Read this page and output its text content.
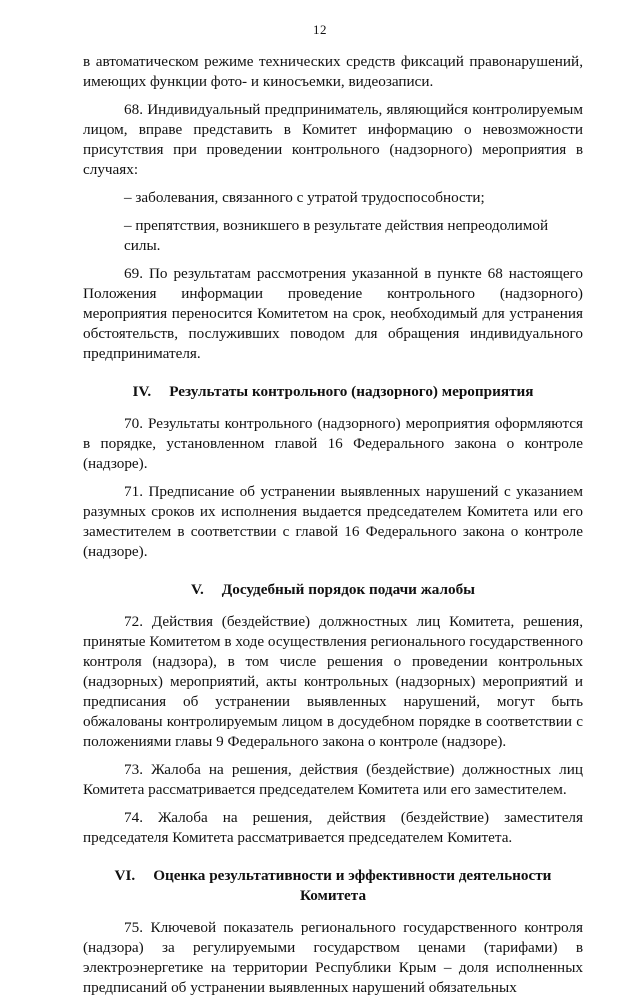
12

в автоматическом режиме технических средств фиксаций правонарушений, имеющих функции фото- и киносъемки, видеозаписи.

68. Индивидуальный предприниматель, являющийся контролируемым лицом, вправе представить в Комитет информацию о невозможности присутствия при проведении контрольного (надзорного) мероприятия в случаях:

– заболевания, связанного с утратой трудоспособности;

– препятствия, возникшего в результате действия непреодолимой силы.

69. По результатам рассмотрения указанной в пункте 68 настоящего Положения информации проведение контрольного (надзорного) мероприятия переносится Комитетом на срок, необходимый для устранения обстоятельств, послуживших поводом для обращения индивидуального предпринимателя.

IV. Результаты контрольного (надзорного) мероприятия

70. Результаты контрольного (надзорного) мероприятия оформляются в порядке, установленном главой 16 Федерального закона о контроле (надзоре).

71. Предписание об устранении выявленных нарушений с указанием разумных сроков их исполнения выдается председателем Комитета или его заместителем в соответствии с главой 16 Федерального закона о контроле (надзоре).

V. Досудебный порядок подачи жалобы

72. Действия (бездействие) должностных лиц Комитета, решения, принятые Комитетом в ходе осуществления регионального государственного контроля (надзора), в том числе решения о проведении контрольных (надзорных) мероприятий, акты контрольных (надзорных) мероприятий и предписания об устранении выявленных нарушений, могут быть обжалованы контролируемым лицом в досудебном порядке в соответствии с положениями главы 9 Федерального закона о контроле (надзоре).

73. Жалоба на решения, действия (бездействие) должностных лиц Комитета рассматривается председателем Комитета или его заместителем.

74. Жалоба на решения, действия (бездействие) заместителя председателя Комитета рассматривается председателем Комитета.

VI. Оценка результативности и эффективности деятельности
Комитета

75. Ключевой показатель регионального государственного контроля (надзора) за регулируемыми государством ценами (тарифами) в электроэнергетике на территории Республики Крым – доля исполненных предписаний об устранении выявленных нарушений обязательных
